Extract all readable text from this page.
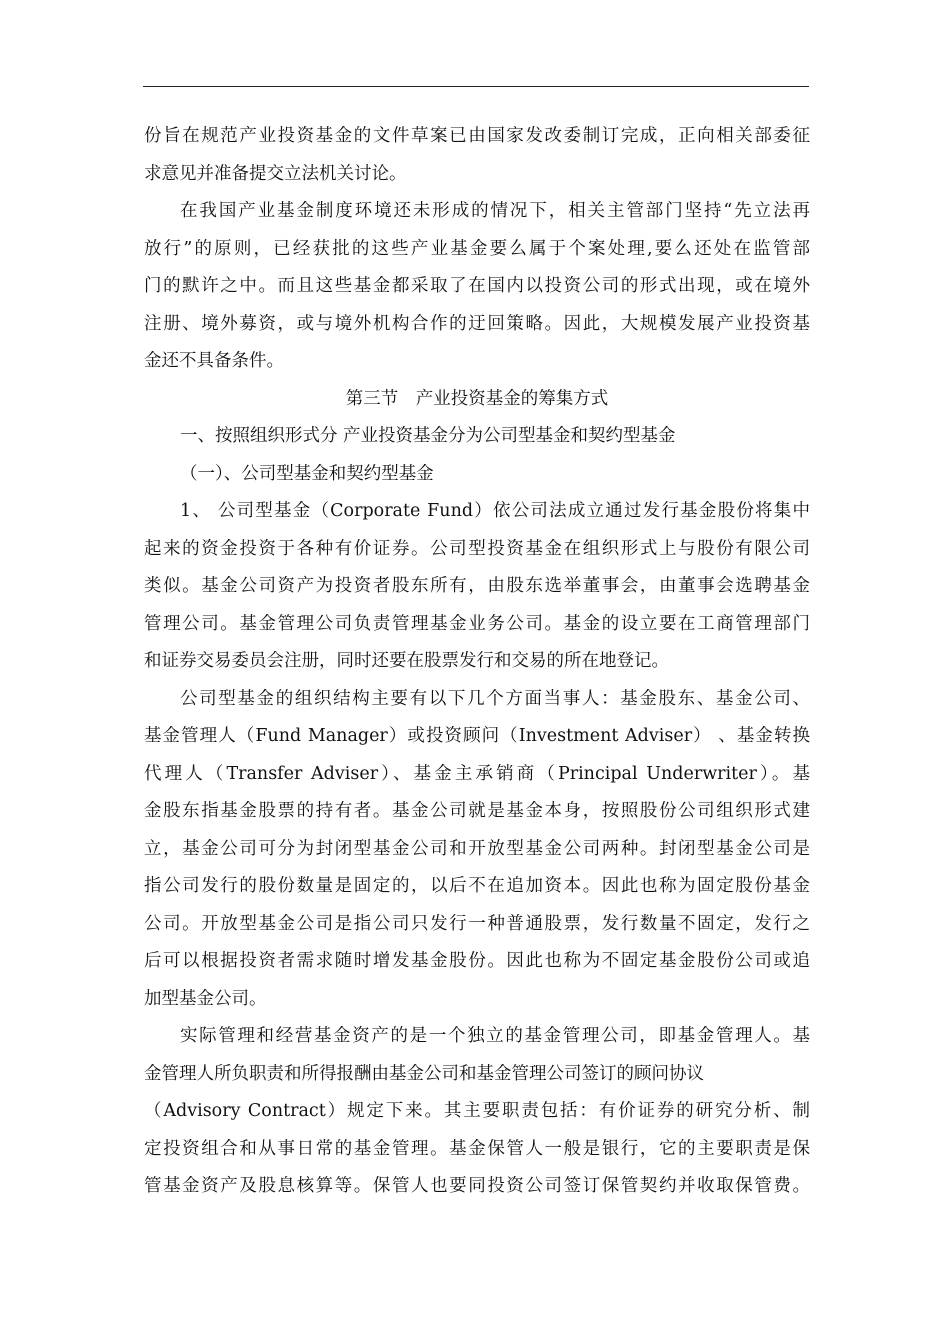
份旨在规范产业投资基金的文件草案已由国家发改委制订完成，正向相关部委征
求意见并准备提交立法机关讨论。
在我国产业基金制度环境还未形成的情况下，相关主管部门坚持“先立法再
放行”的原则，已经获批的这些产业基金要么属于个案处理,要么还处在监管部
门的默许之中。而且这些基金都采取了在国内以投资公司的形式出现，或在境外
注册、境外募资，或与境外机构合作的迂回策略。因此，大规模发展产业投资基
金还不具备条件。
第三节　产业投资基金的筹集方式
一、按照组织形式分 产业投资基金分为公司型基金和契约型基金
（一）、公司型基金和契约型基金
1、 公司型基金（Corporate Fund）依公司法成立通过发行基金股份将集中
起来的资金投资于各种有价证券。公司型投资基金在组织形式上与股份有限公司
类似。基金公司资产为投资者股东所有，由股东选举董事会，由董事会选聘基金
管理公司。基金管理公司负责管理基金业务公司。基金的设立要在工商管理部门
和证券交易委员会注册，同时还要在股票发行和交易的所在地登记。
公司型基金的组织结构主要有以下几个方面当事人：基金股东、基金公司、
基金管理人（Fund Manager）或投资顾问（Investment Adviser） 、基金转换
代理人（Transfer Adviser）、基金主承销商（Principal Underwriter）。基
金股东指基金股票的持有者。基金公司就是基金本身，按照股份公司组织形式建
立，基金公司可分为封闭型基金公司和开放型基金公司两种。封闭型基金公司是
指公司发行的股份数量是固定的，以后不在追加资本。因此也称为固定股份基金
公司。开放型基金公司是指公司只发行一种普通股票，发行数量不固定，发行之
后可以根据投资者需求随时增发基金股份。因此也称为不固定基金股份公司或追
加型基金公司。
实际管理和经营基金资产的是一个独立的基金管理公司，即基金管理人。基
金管理人所负职责和所得报酬由基金公司和基金管理公司签订的顾问协议
（Advisory Contract）规定下来。其主要职责包括：有价证券的研究分析、制
定投资组合和从事日常的基金管理。基金保管人一般是银行，它的主要职责是保
管基金资产及股息核算等。保管人也要同投资公司签订保管契约并收取保管费。
